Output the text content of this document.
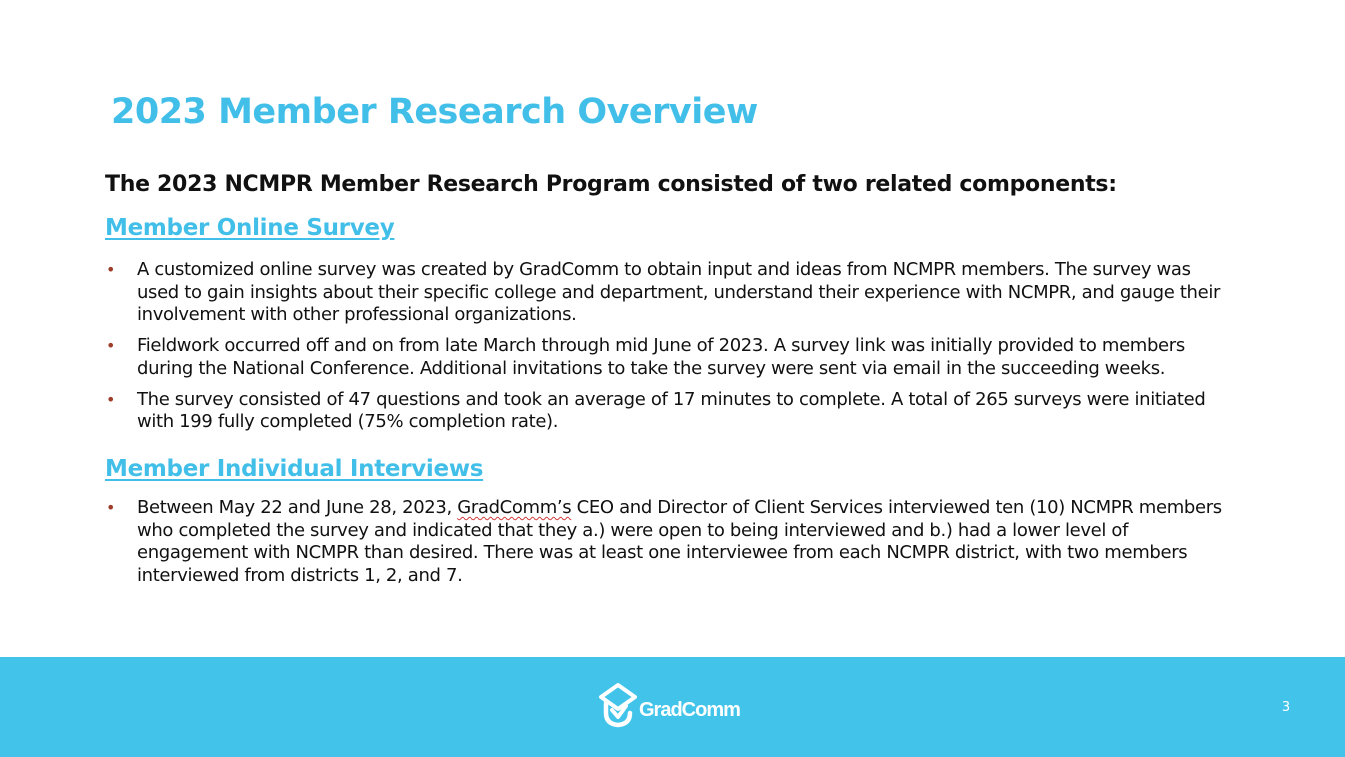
2023 Member Research Overview

The 2023 NCMPR Member Research Program consisted of two related components:

Member Online Survey
• A customized online survey was created by GradComm to obtain input and ideas from NCMPR members. The survey was used to gain insights about their specific college and department, understand their experience with NCMPR, and gauge their involvement with other professional organizations.
• Fieldwork occurred off and on from late March through mid June of 2023. A survey link was initially provided to members during the National Conference. Additional invitations to take the survey were sent via email in the succeeding weeks.
• The survey consisted of 47 questions and took an average of 17 minutes to complete. A total of 265 surveys were initiated with 199 fully completed (75% completion rate).
Member Individual Interviews
• Between May 22 and June 28, 2023, GradComm’s CEO and Director of Client Services interviewed ten (10) NCMPR members who completed the survey and indicated that they a.) were open to being interviewed and b.) had a lower level of engagement with NCMPR than desired. There was at least one interviewee from each NCMPR district, with two members interviewed from districts 1, 2, and 7.
GradComm	3
